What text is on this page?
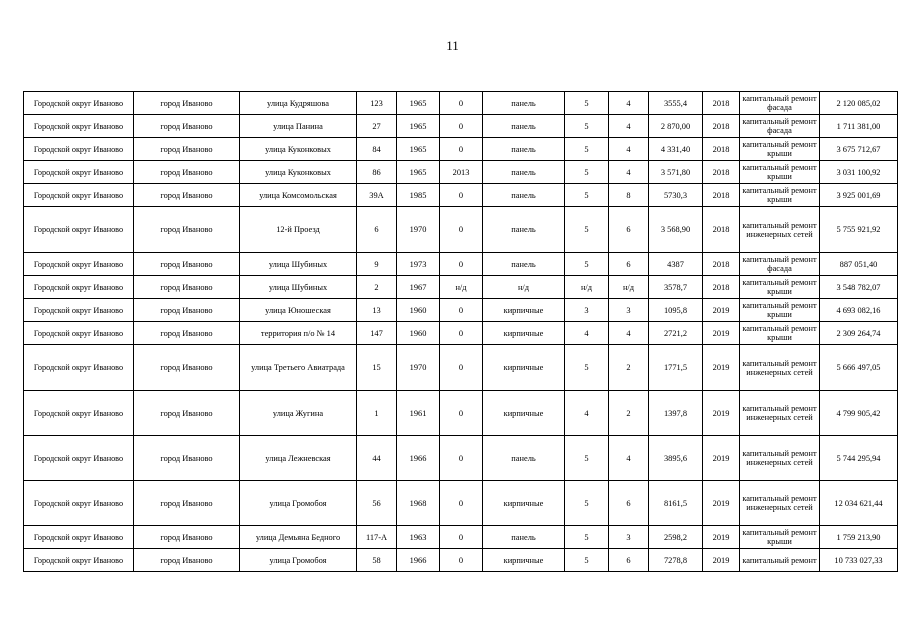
11
Городской округ Иваново	город Иваново	улица Кудряшова	123	1965	0	панель	5	4	3555,4	2018	капитальный ремонт фасада	2 120 085,02
Городской округ Иваново	город Иваново	улица Панина	27	1965	0	панель	5	4	2 870,00	2018	капитальный ремонт фасада	1 711 381,00
Городской округ Иваново	город Иваново	улица Куконковых	84	1965	0	панель	5	4	4 331,40	2018	капитальный ремонт крыши	3 675 712,67
Городской округ Иваново	город Иваново	улица Куконковых	86	1965	2013	панель	5	4	3 571,80	2018	капитальный ремонт крыши	3 031 100,92
Городской округ Иваново	город Иваново	улица Комсомольская	39А	1985	0	панель	5	8	5730,3	2018	капитальный ремонт крыши	3 925 001,69
Городской округ Иваново	город Иваново	12-й Проезд	6	1970	0	панель	5	6	3 568,90	2018	капитальный ремонт инженерных сетей	5 755 921,92
Городской округ Иваново	город Иваново	улица Шубиных	9	1973	0	панель	5	6	4387	2018	капитальный ремонт фасада	887 051,40
Городской округ Иваново	город Иваново	улица Шубиных	2	1967	н/д	н/д	н/д	н/д	3578,7	2018	капитальный ремонт крыши	3 548 782,07
Городской округ Иваново	город Иваново	улица Юношеская	13	1960	0	кирпичные	3	3	1095,8	2019	капитальный ремонт крыши	4 693 082,16
Городской округ Иваново	город Иваново	территория п/о № 14	147	1960	0	кирпичные	4	4	2721,2	2019	капитальный ремонт крыши	2 309 264,74
Городской округ Иваново	город Иваново	улица Третьего Авиатрада	15	1970	0	кирпичные	5	2	1771,5	2019	капитальный ремонт инженерных сетей	5 666 497,05
Городской округ Иваново	город Иваново	улица Жугина	1	1961	0	кирпичные	4	2	1397,8	2019	капитальный ремонт инженерных сетей	4 799 905,42
Городской округ Иваново	город Иваново	улица Лежневская	44	1966	0	панель	5	4	3895,6	2019	капитальный ремонт инженерных сетей	5 744 295,94
Городской округ Иваново	город Иваново	улица Громобоя	56	1968	0	кирпичные	5	6	8161,5	2019	капитальный ремонт инженерных сетей	12 034 621,44
Городской округ Иваново	город Иваново	улица Демьяна Бедного	117-А	1963	0	панель	5	3	2598,2	2019	капитальный ремонт крыши	1 759 213,90
Городской округ Иваново	город Иваново	улица Громобоя	58	1966	0	кирпичные	5	6	7278,8	2019	капитальный ремонт	10 733 027,33
